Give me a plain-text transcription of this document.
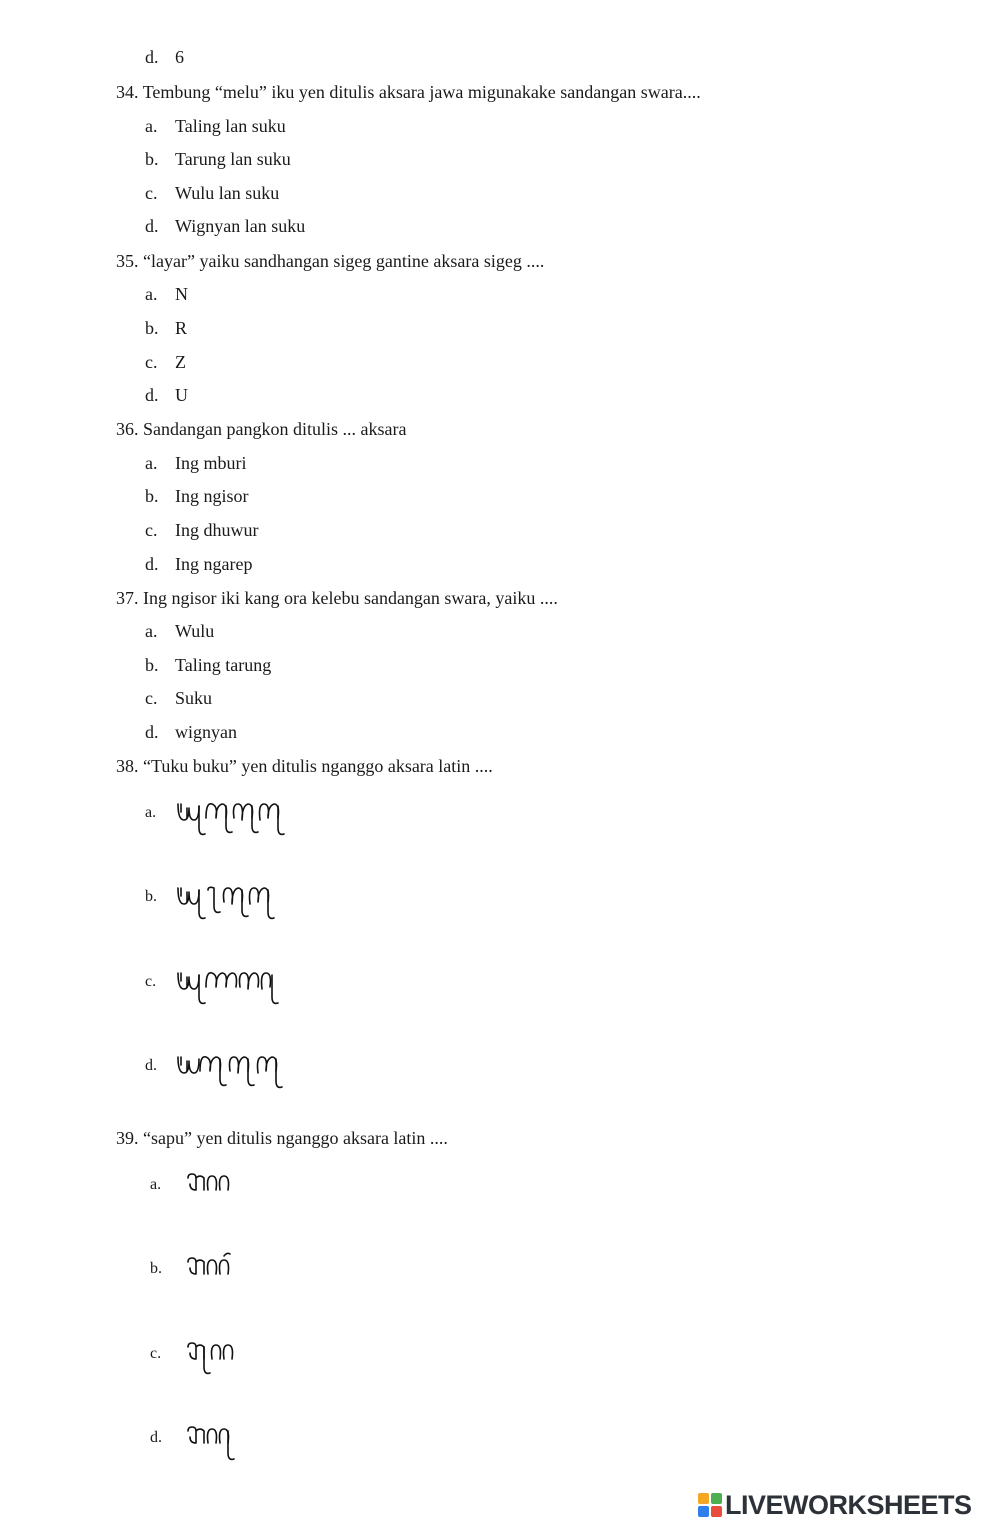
d. 6
34. Tembung “melu” iku yen ditulis aksara jawa migunakake sandangan swara....
a. Taling lan suku
b. Tarung lan suku
c. Wulu lan suku
d. Wignyan lan suku
35. “layar” yaiku sandhangan sigeg gantine aksara sigeg ....
a. N
b. R
c. Z
d. U
36. Sandangan pangkon ditulis ... aksara
a. Ing mburi
b. Ing ngisor
c. Ing dhuwur
d. Ing ngarep
37. Ing ngisor iki kang ora kelebu sandangan swara, yaiku ....
a. Wulu
b. Taling tarung
c. Suku
d. wignyan
38. “Tuku buku” yen ditulis nganggo aksara latin ....
a.
b.
c.
d.
39. “sapu” yen ditulis nganggo aksara latin ....
a.
b.
c.
d.
LIVEWORKSHEETS
